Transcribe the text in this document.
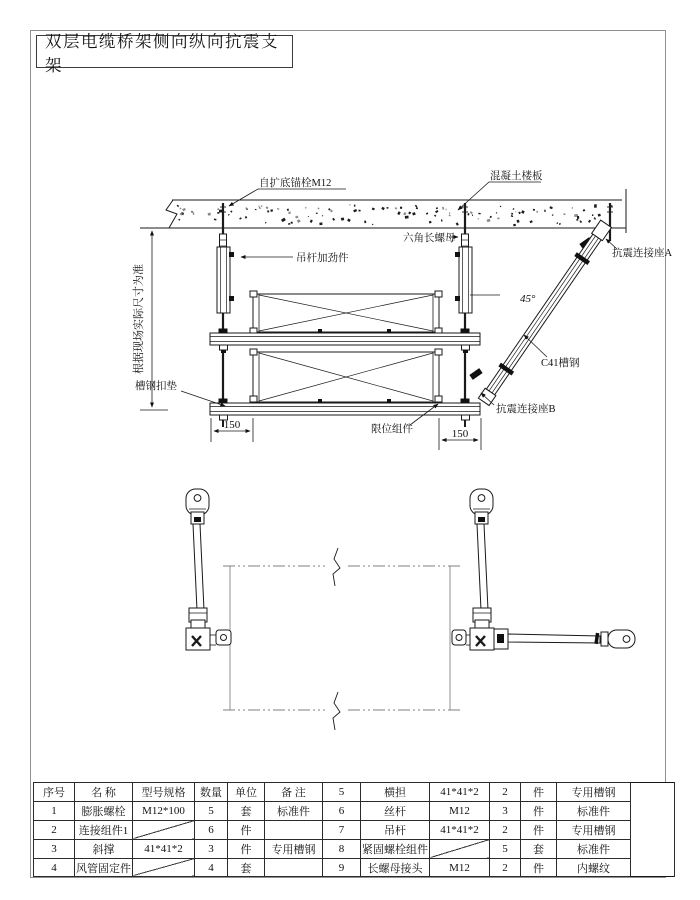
双层电缆桥架侧向纵向抗震支架
根据现场实际尺寸为准
150
150
自扩底锚栓M12
混凝土楼板
六角长螺母
抗震连接座A
吊杆加劲件
45°
C41槽钢
槽钢扣垫
限位组件
抗震连接座B
序号	名 称	型号规格	数量	单位	备 注	5	横担	41*41*2	2	件	专用槽钢	
1	膨胀螺栓	M12*100	5	套	标准件	6	丝杆	M12	3	件	标准件	
2	连接组件1		6	件		7	吊杆	41*41*2	2	件	专用槽钢	
3	斜撑	41*41*2	3	件	专用槽钢	8	紧固螺栓组件		5	套	标准件	
4	风管固定件		4	套		9	长螺母接头	M12	2	件	内螺纹	
